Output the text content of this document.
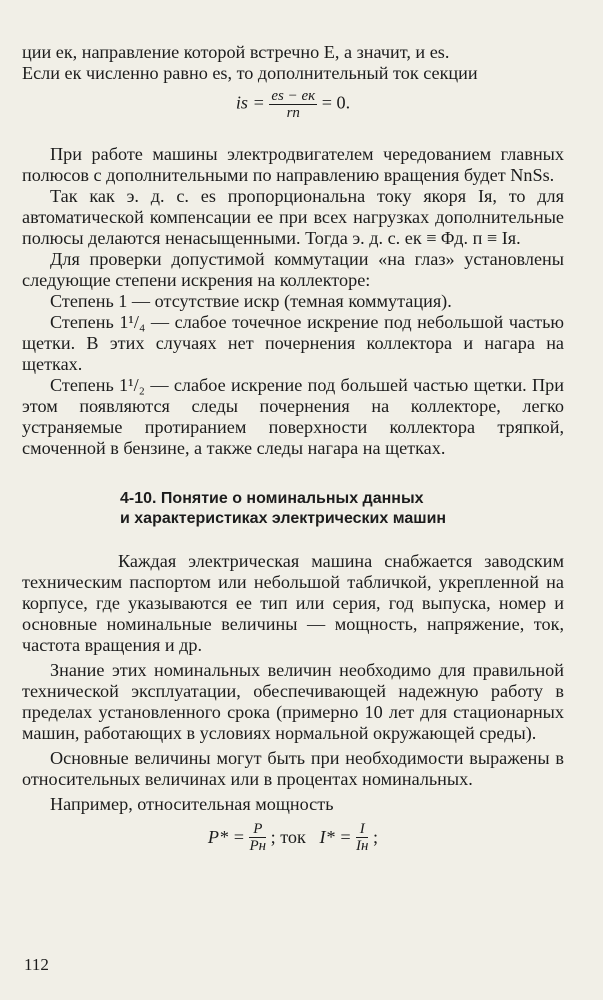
ции eк, направление которой встречно E, а значит, и es.

Если eк численно равно es, то дополнительный ток секции

is = $\frac{es - eк}{rп} = 0$.

При работе машины электродвигателем чередованием главных полюсов с дополнительными по направлению вращения будет NnSs.

Так как э. д. с. es пропорциональна току якоря Iя, то для автоматической компенсации ее при всех нагрузках дополнительные полюсы делаются ненасыщенными. Тогда э. д. с. eк ≡ Φд. п ≡ Iя.

Для проверки допустимой коммутации «на глаз» установлены следующие степени искрения на коллекторе:

Степень 1 — отсутствие искр (темная коммутация).

Степень 1¹/₄ — слабое точечное искрение под небольшой частью щетки. В этих случаях нет почернения коллектора и нагара на щетках.

Степень 1¹/₂ — слабое искрение под большей частью щетки. При этом появляются следы почернения на коллекторе, легко устраняемые протиранием поверхности коллектора тряпкой, смоченной в бензине, а также следы нагара на щетках.

4-10. Понятие о номинальных данных
и характеристиках электрических машин

Каждая электрическая машина снабжается заводским техническим паспортом или небольшой табличкой, укрепленной на корпусе, где указываются ее тип или серия, год выпуска, номер и основные номинальные величины — мощность, напряжение, ток, частота вращения и др.

Знание этих номинальных величин необходимо для правильной технической эксплуатации, обеспечивающей надежную работу в пределах установленного срока (примерно 10 лет для стационарных машин, работающих в условиях нормальной окружающей среды).

Основные величины могут быть при необходимости выражены в относительных величинах или в процентах номинальных.

Например, относительная мощность

$P* = \frac{P}{Pн}$ ; ток $I* = \frac{I}{Iн}$ ;
112
